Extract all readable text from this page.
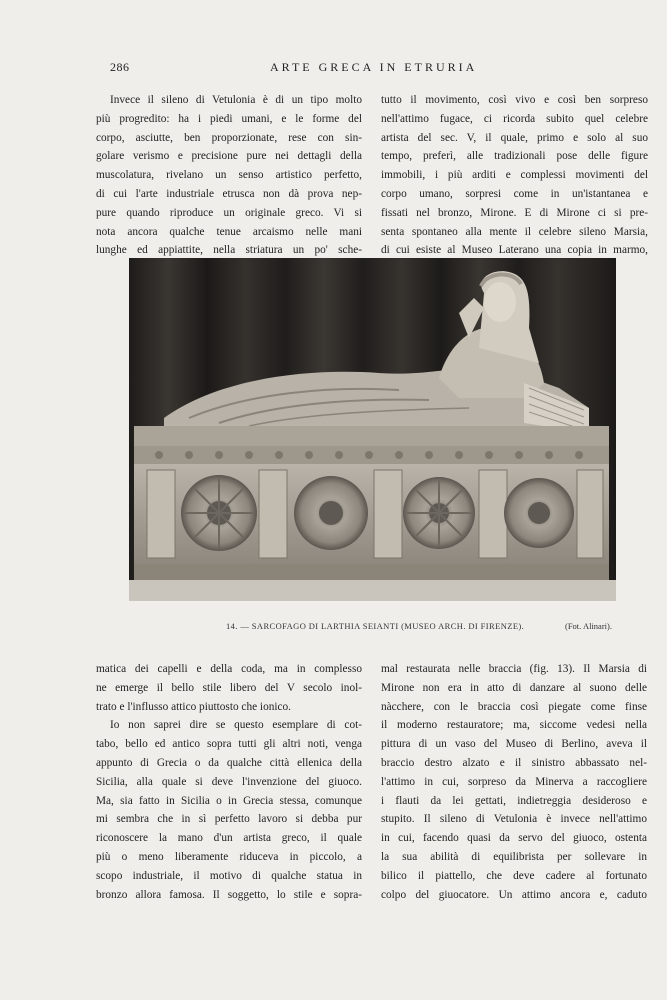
286	ARTE GRECA IN ETRURIA
Invece il sileno di Vetulonia è di un tipo molto
più progredito: ha i piedi umani, e le forme del
corpo, asciutte, ben proporzionate, rese con sin-
golare verismo e precisione pure nei dettagli della
muscolatura, rivelano un senso artistico perfetto,
di cui l'arte industriale etrusca non dà prova nep-
pure quando riproduce un originale greco. Vi si
nota ancora qualche tenue arcaismo nelle mani
lunghe ed appiattite, nella striatura un po' sche-
tutto il movimento, così vivo e così ben sorpreso
nell'attimo fugace, ci ricorda subito quel celebre
artista del sec. V, il quale, primo e solo al suo
tempo, preferì, alle tradizionali pose delle figure
immobili, i più arditi e complessi movimenti del
corpo umano, sorpresi come in un'istantanea e
fissati nel bronzo, Mirone. E di Mirone ci si pre-
senta spontaneo alla mente il celebre sileno Marsia,
di cui esiste al Museo Laterano una copia in marmo,
14. — SARCOFAGO DI LARTHIA SEIANTI (MUSEO ARCH. DI FIRENZE).	(Fot. Alinari).
matica dei capelli e della coda, ma in complesso
ne emerge il bello stile libero del V secolo inol-
trato e l'influsso attico piuttosto che ionico.
Io non saprei dire se questo esemplare di cot-
tabo, bello ed antico sopra tutti gli altri noti, venga
appunto di Grecia o da qualche città ellenica della
Sicilia, alla quale si deve l'invenzione del giuoco.
Ma, sia fatto in Sicilia o in Grecia stessa, comunque
mi sembra che in sì perfetto lavoro si debba pur
riconoscere la mano d'un artista greco, il quale
più o meno liberamente riduceva in piccolo, a
scopo industriale, il motivo di qualche statua in
bronzo allora famosa. Il soggetto, lo stile e sopra-
mal restaurata nelle braccia (fig. 13). Il Marsia di
Mirone non era in atto di danzare al suono delle
nàcchere, con le braccia così piegate come finse
il moderno restauratore; ma, siccome vedesi nella
pittura di un vaso del Museo di Berlino, aveva il
braccio destro alzato e il sinistro abbassato nel-
l'attimo in cui, sorpreso da Minerva a raccogliere
i flauti da lei gettati, indietreggia desideroso e
stupito. Il sileno di Vetulonia è invece nell'attimo
in cui, facendo quasi da servo del giuoco, ostenta
la sua abilità di equilibrista per sollevare in
bilico il piattello, che deve cadere al fortunato
colpo del giuocatore. Un attimo ancora e, caduto
